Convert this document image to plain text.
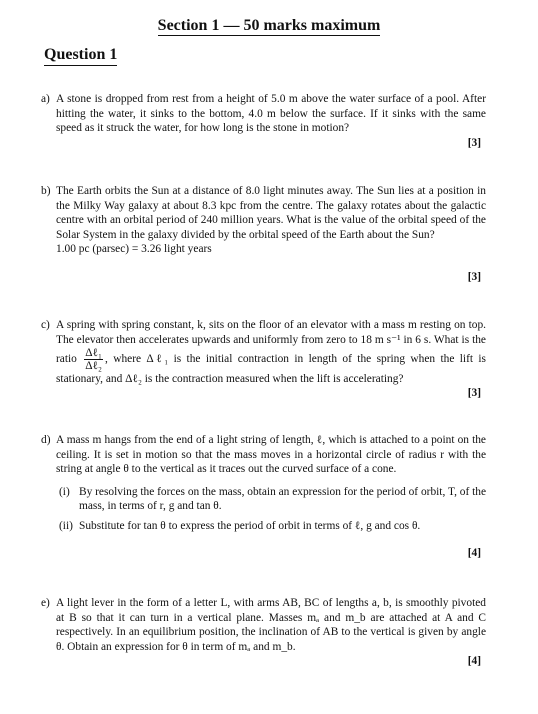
Section 1 — 50 marks maximum
Question 1
a) A stone is dropped from rest from a height of 5.0 m above the water surface of a pool. After hitting the water, it sinks to the bottom, 4.0 m below the surface. If it sinks with the same speed as it struck the water, for how long is the stone in motion?
[3]
b) The Earth orbits the Sun at a distance of 8.0 light minutes away. The Sun lies at a position in the Milky Way galaxy at about 8.3 kpc from the centre. The galaxy rotates about the galactic centre with an orbital period of 240 million years. What is the value of the orbital speed of the Solar System in the galaxy divided by the orbital speed of the Earth about the Sun?
1.00 pc (parsec) = 3.26 light years
[3]
c) A spring with spring constant, k, sits on the floor of an elevator with a mass m resting on top. The elevator then accelerates upwards and uniformly from zero to 18 m s⁻¹ in 6 s. What is the ratio $\frac{\text{Δℓ₁}}{\text{Δℓ₂}}$ , where Δℓ₁ is the initial contraction in length of the spring when the lift is stationary, and Δℓ₂ is the contraction measured when the lift is accelerating?
[3]
d) A mass m hangs from the end of a light string of length, ℓ, which is attached to a point on the ceiling. It is set in motion so that the mass moves in a horizontal circle of radius r with the string at angle θ to the vertical as it traces out the curved surface of a cone.
(i) By resolving the forces on the mass, obtain an expression for the period of orbit, T, of the mass, in terms of r, g and tan θ.
(ii) Substitute for tan θ to express the period of orbit in terms of ℓ, g and cos θ.
[4]
e) A light lever in the form of a letter L, with arms AB, BC of lengths a, b, is smoothly pivoted at B so that it can turn in a vertical plane. Masses mₐ and m_b are attached at A and C respectively. In an equilibrium position, the inclination of AB to the vertical is given by angle θ. Obtain an expression for θ in term of mₐ and m_b.
[4]
